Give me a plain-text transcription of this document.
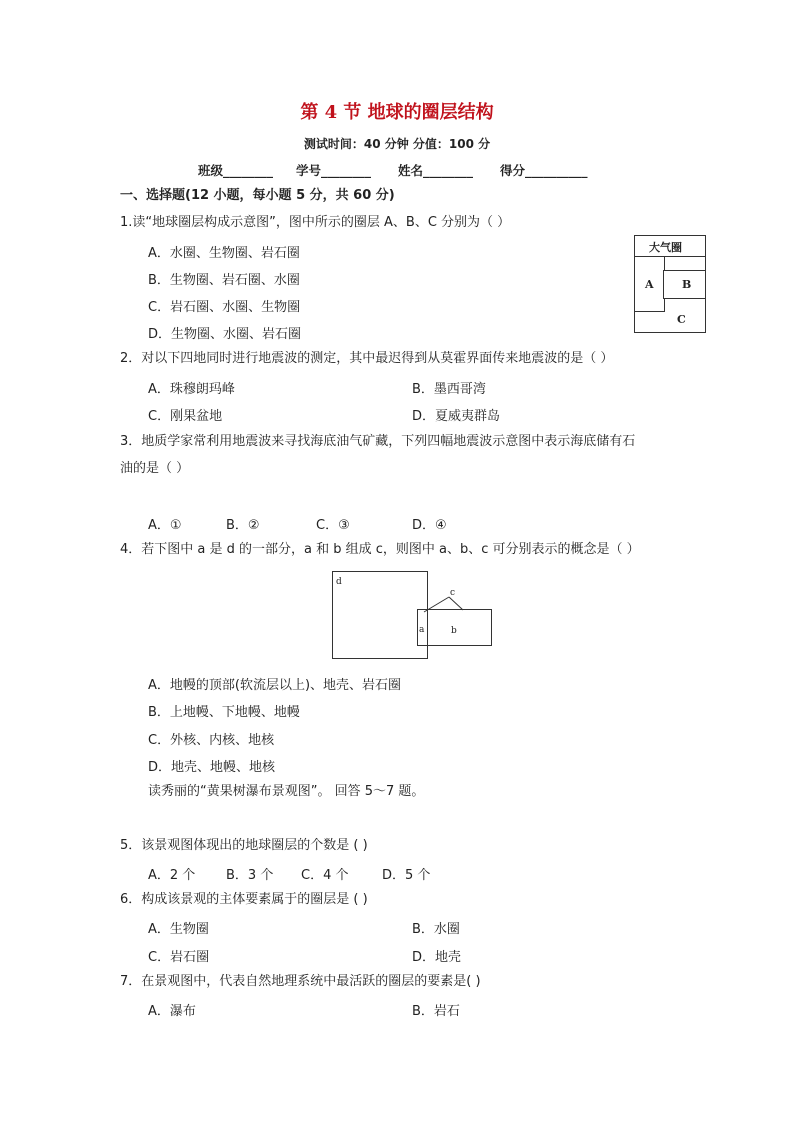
第 4 节 地球的圈层结构
测试时间：40 分钟 分值：100 分
班级________ 学号________ 姓名________ 得分__________
一、选择题(12 小题，每小题 5 分，共 60 分)
1.读“地球圈层构成示意图”，图中所示的圈层 A、B、C 分别为（ ）
A．水圈、生物圈、岩石圈
B．生物圈、岩石圈、水圈
C．岩石圈、水圈、生物圈
D．生物圈、水圈、岩石圈
大气圈
A	B
C
2．对以下四地同时进行地震波的测定，其中最迟得到从莫霍界面传来地震波的是（ ）
A．珠穆朗玛峰	B．墨西哥湾
C．刚果盆地	D．夏威夷群岛
3．地质学家常利用地震波来寻找海底油气矿藏，下列四幅地震波示意图中表示海底储有石
油的是（ ）
A．①	B．②	C．③	D．④
4．若下图中 a 是 d 的一部分，a 和 b 组成 c，则图中 a、b、c 可分别表示的概念是（ ）
d
a	b
c
A．地幔的顶部(软流层以上)、地壳、岩石圈
B．上地幔、下地幔、地幔
C．外核、内核、地核
D．地壳、地幔、地核
读秀丽的“黄果树瀑布景观图”。 回答 5～7 题。
5．该景观图体现出的地球圈层的个数是 ( )
A．2 个 B．3 个 C．4 个	D．5 个
6．构成该景观的主体要素属于的圈层是 ( )
A．生物圈	B．水圈
C．岩石圈	D．地壳
7．在景观图中，代表自然地理系统中最活跃的圈层的要素是( )
A．瀑布	B．岩石
